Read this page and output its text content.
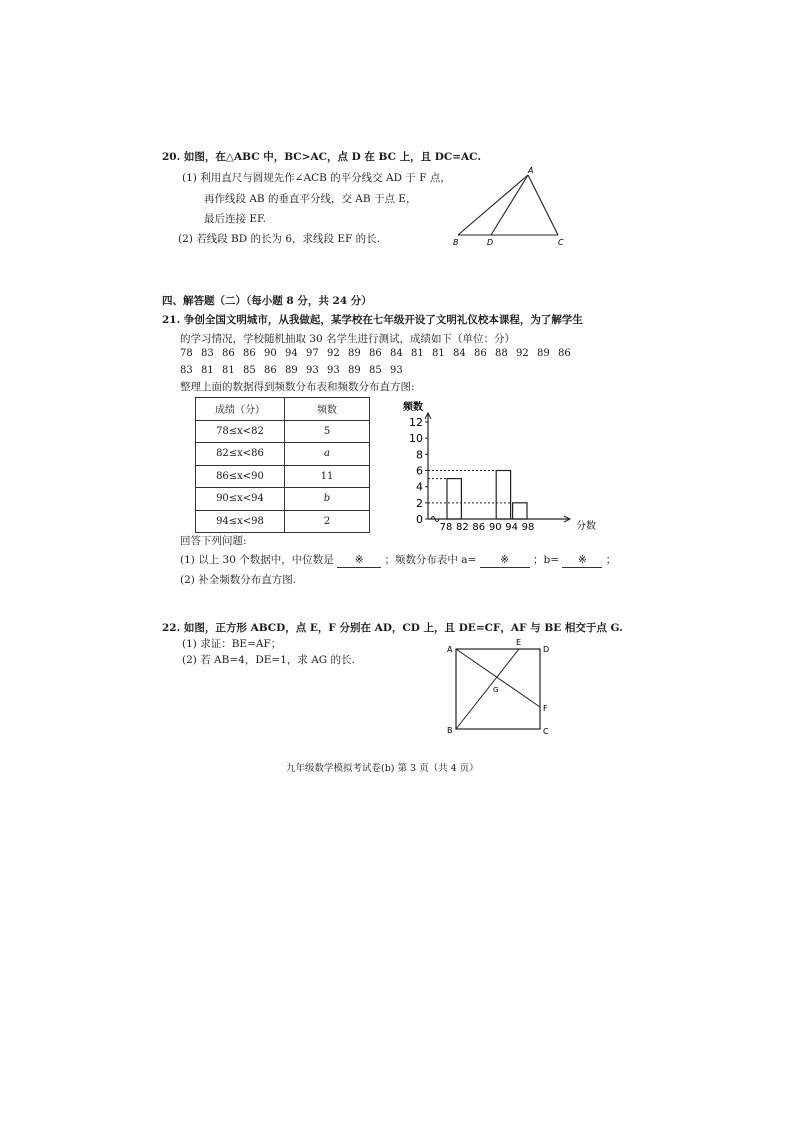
20. 如图，在△ABC 中，BC>AC，点 D 在 BC 上，且 DC=AC.
(1) 利用直尺与圆规先作∠ACB 的平分线交 AD 于 F 点，
再作线段 AB 的垂直平分线，交 AB 于点 E，
最后连接 EF.
(2) 若线段 BD 的长为 6，求线段 EF 的长.
A
B	D	C
四、解答题（二）（每小题 8 分，共 24 分）
21. 争创全国文明城市，从我做起，某学校在七年级开设了文明礼仪校本课程，为了解学生
的学习情况，学校随机抽取 30 名学生进行测试，成绩如下（单位：分）
78 83 86 86 90 94 97 92 89 86 84 81 81 84 86 88 92 89 86
83 81 81 85 86 89 93 93 89 85 93
整理上面的数据得到频数分布表和频数分布直方图:
成绩（分）	频数
78≤x<82	5
82≤x<86	a
86≤x<90	11
90≤x<94	b
94≤x<98	2
频数
分数
0
2
4
6
8
10
12
78 82 86 90 94 98
回答下列问题:
(1) 以上 30 个数据中，中位数是 ※ ；频数分布表中 a= ※ ；b= ※ ；
(2) 补全频数分布直方图.
22. 如图，正方形 ABCD，点 E，F 分别在 AD，CD 上，且 DE=CF，AF 与 BE 相交于点 G.
(1) 求证：BE=AF；
(2) 若 AB=4，DE=1，求 AG 的长.
A
E
D
G
F
B	C
九年级数学模拟考试卷(b) 第 3 页（共 4 页）
